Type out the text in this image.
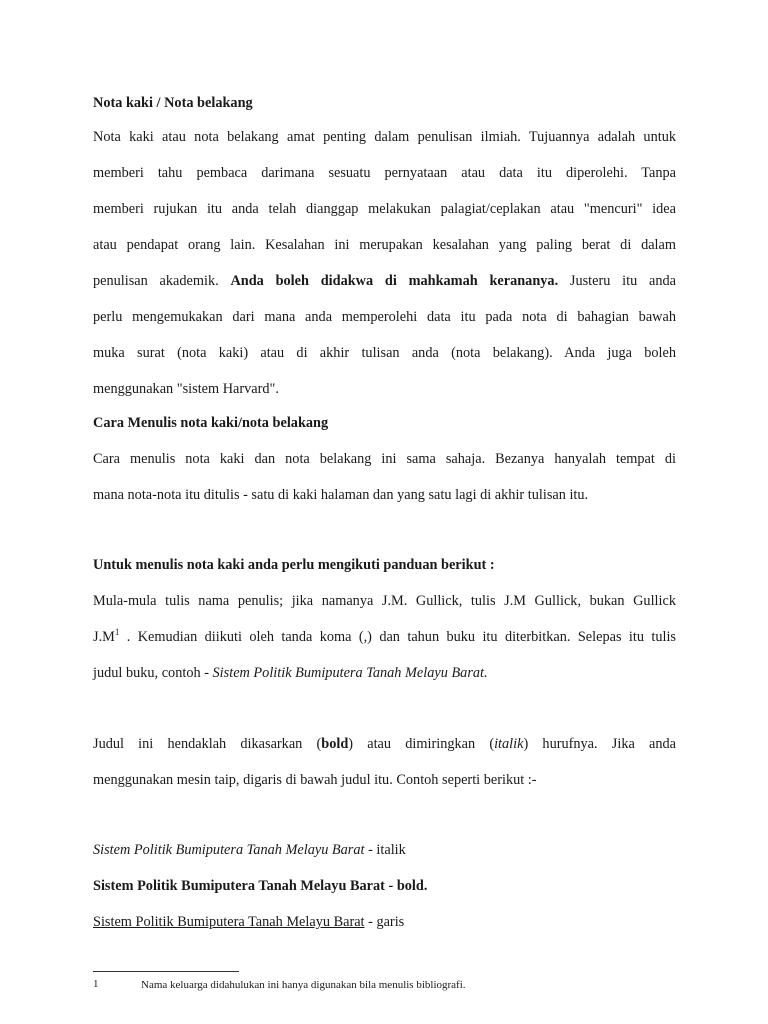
Nota kaki / Nota belakang
Nota kaki atau nota belakang amat penting dalam penulisan ilmiah. Tujuannya adalah untuk
memberi tahu pembaca darimana sesuatu pernyataan atau data itu diperolehi. Tanpa
memberi rujukan itu anda telah dianggap melakukan palagiat/ceplakan atau "mencuri" idea
atau pendapat orang lain. Kesalahan ini merupakan kesalahan yang paling berat di dalam
penulisan akademik. Anda boleh didakwa di mahkamah kerananya. Justeru itu anda
perlu mengemukakan dari mana anda memperolehi data itu pada nota di bahagian bawah
muka surat (nota kaki) atau di akhir tulisan anda (nota belakang). Anda juga boleh
menggunakan "sistem Harvard".
Cara Menulis nota kaki/nota belakang
Cara menulis nota kaki dan nota belakang ini sama sahaja. Bezanya hanyalah tempat di
mana nota-nota itu ditulis - satu di kaki halaman dan yang satu lagi di akhir tulisan itu.
Untuk menulis nota kaki anda perlu mengikuti panduan berikut :
Mula-mula tulis nama penulis; jika namanya J.M. Gullick, tulis J.M Gullick, bukan Gullick
$J.M^1$ . Kemudian diikuti oleh tanda koma (,) dan tahun buku itu diterbitkan. Selepas itu tulis
judul buku, contoh - Sistem Politik Bumiputera Tanah Melayu Barat.
Judul ini hendaklah dikasarkan (bold) atau dimiringkan (italik) hurufnya. Jika anda
menggunakan mesin taip, digaris di bawah judul itu. Contoh seperti berikut :-
Sistem Politik Bumiputera Tanah Melayu Barat - italik
Sistem Politik Bumiputera Tanah Melayu Barat - bold.
Sistem Politik Bumiputera Tanah Melayu Barat - garis
1	Nama keluarga didahulukan ini hanya digunakan bila menulis bibliografi.
